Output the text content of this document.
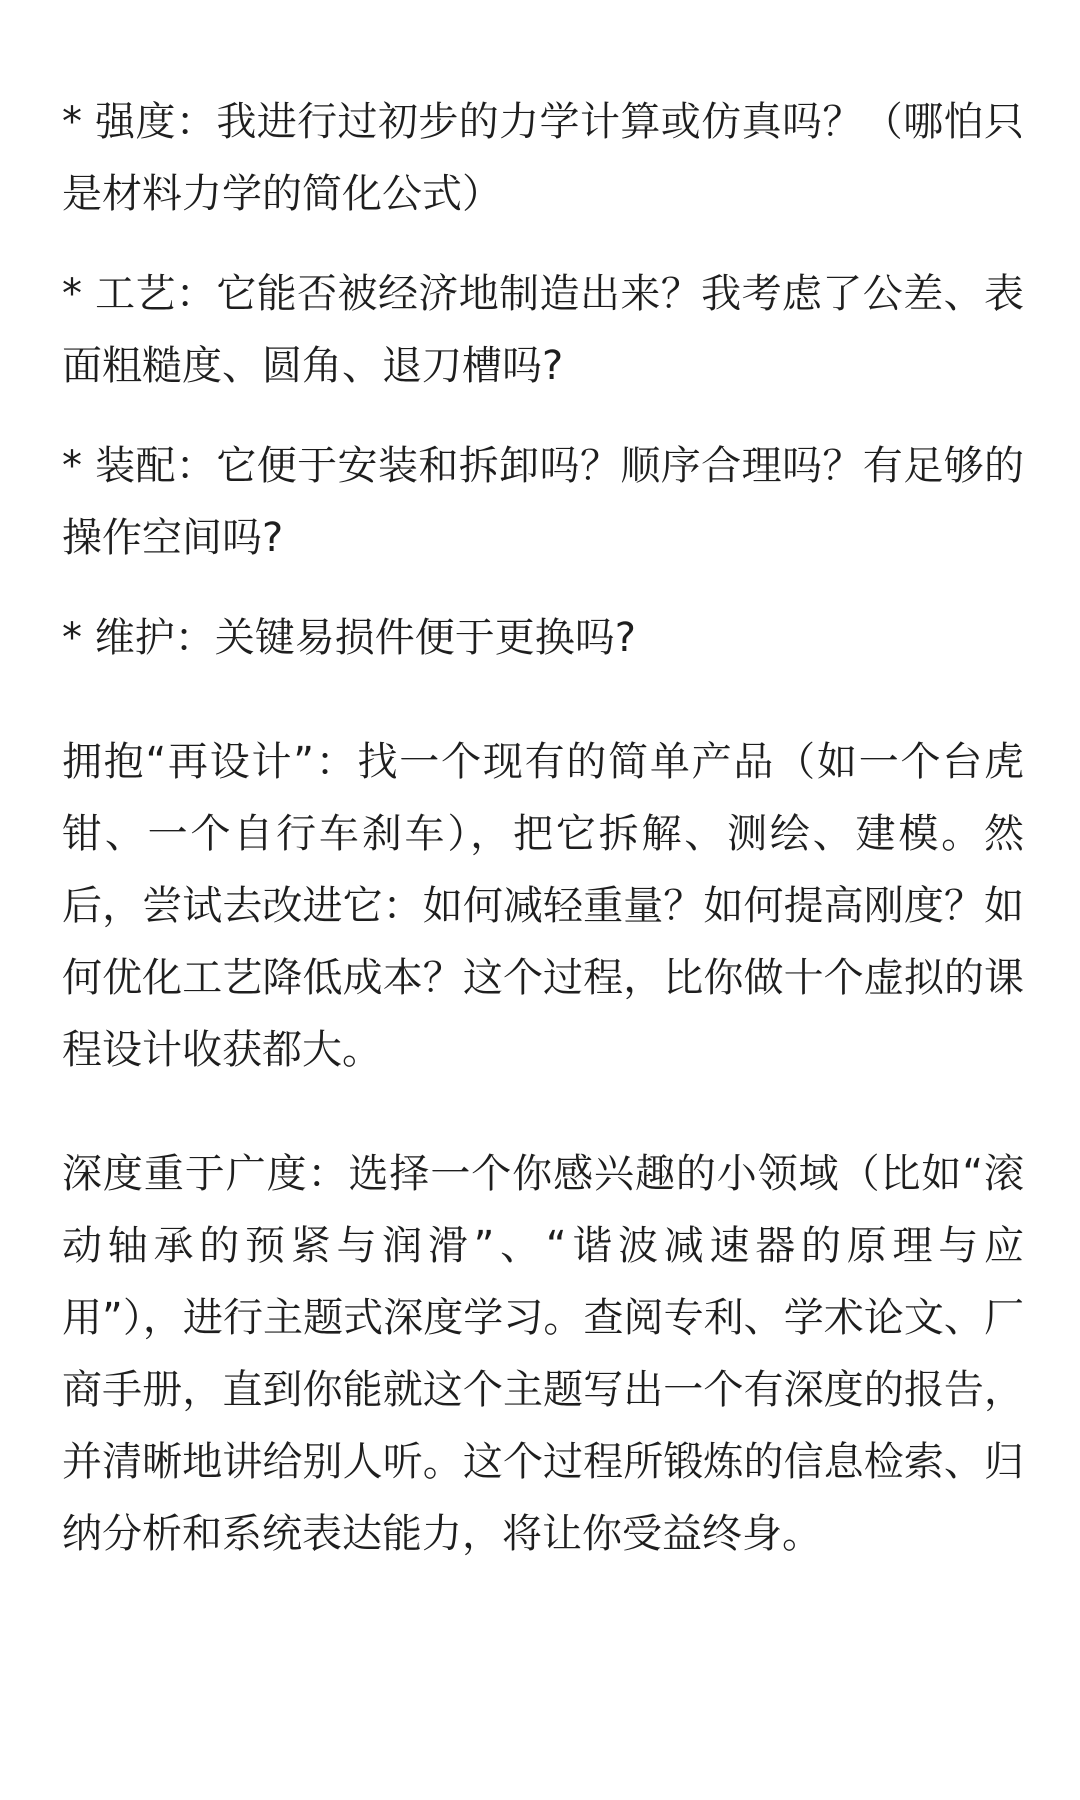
* 强度：我进行过初步的力学计算或仿真吗？（哪怕只是材料力学的简化公式）

* 工艺：它能否被经济地制造出来？我考虑了公差、表面粗糙度、圆角、退刀槽吗?

* 装配：它便于安装和拆卸吗？顺序合理吗？有足够的操作空间吗?

* 维护：关键易损件便于更换吗?

拥抱“再设计”：找一个现有的简单产品（如一个台虎钳、一个自行车刹车），把它拆解、测绘、建模。然后，尝试去改进它：如何减轻重量？如何提高刚度？如何优化工艺降低成本？这个过程，比你做十个虚拟的课程设计收获都大。

深度重于广度：选择一个你感兴趣的小领域（比如“滚动轴承的预紧与润滑”、“谐波减速器的原理与应用”），进行主题式深度学习。查阅专利、学术论文、厂商手册，直到你能就这个主题写出一个有深度的报告，并清晰地讲给别人听。这个过程所锻炼的信息检索、归纳分析和系统表达能力，将让你受益终身。
